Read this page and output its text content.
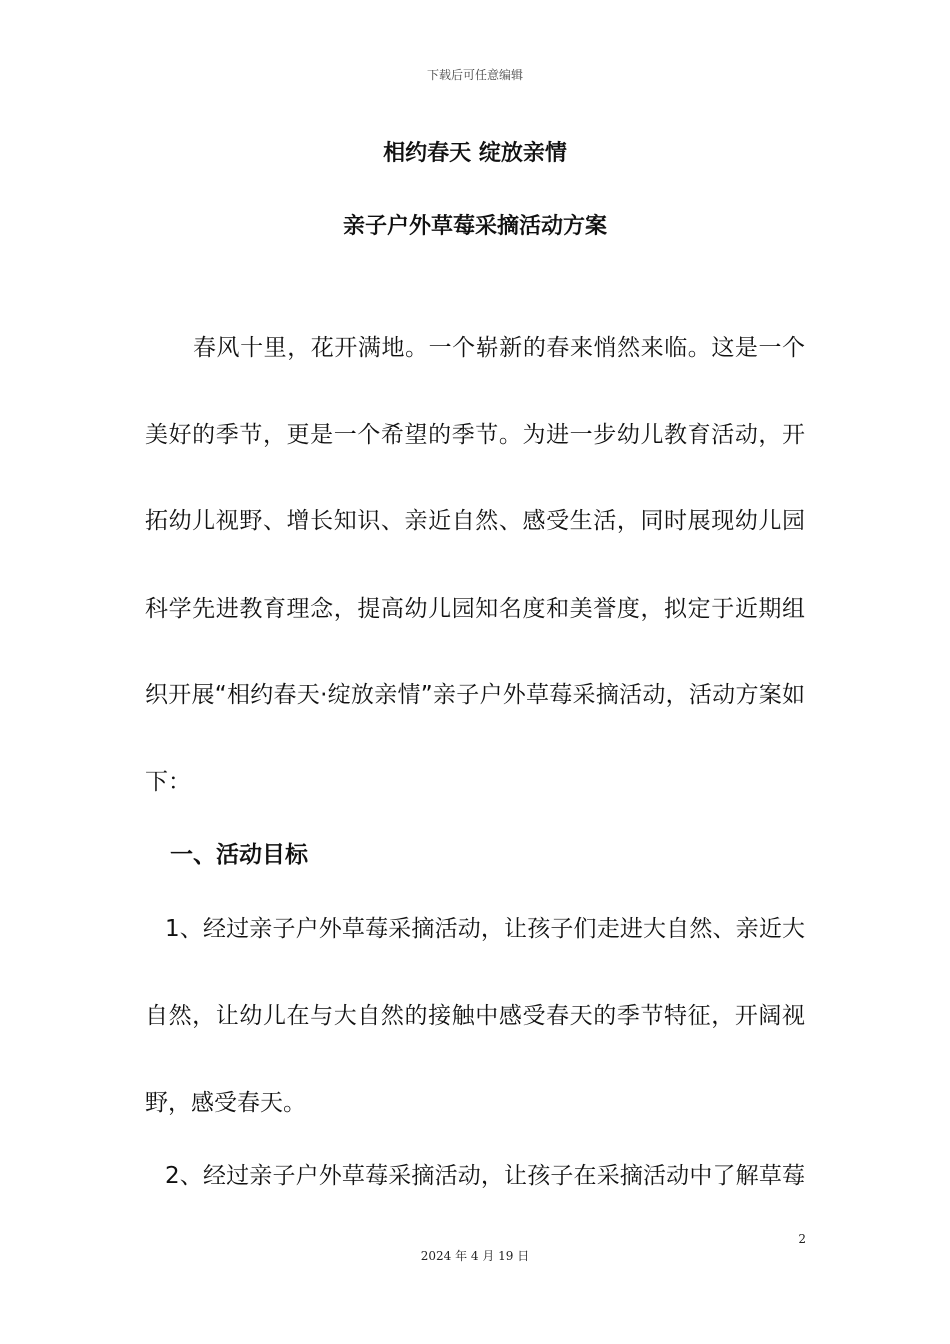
下载后可任意编辑
相约春天 绽放亲情
亲子户外草莓采摘活动方案
春风十里，花开满地。一个崭新的春来悄然来临。这是一个
美好的季节，更是一个希望的季节。为进一步幼儿教育活动，开
拓幼儿视野、增长知识、亲近自然、感受生活，同时展现幼儿园
科学先进教育理念，提高幼儿园知名度和美誉度，拟定于近期组
织开展“相约春天·绽放亲情”亲子户外草莓采摘活动，活动方案如
下：
一、活动目标
1、经过亲子户外草莓采摘活动，让孩子们走进大自然、亲近大
自然，让幼儿在与大自然的接触中感受春天的季节特征，开阔视
野，感受春天。
2、经过亲子户外草莓采摘活动，让孩子在采摘活动中了解草莓
2
2024 年 4 月 19 日
